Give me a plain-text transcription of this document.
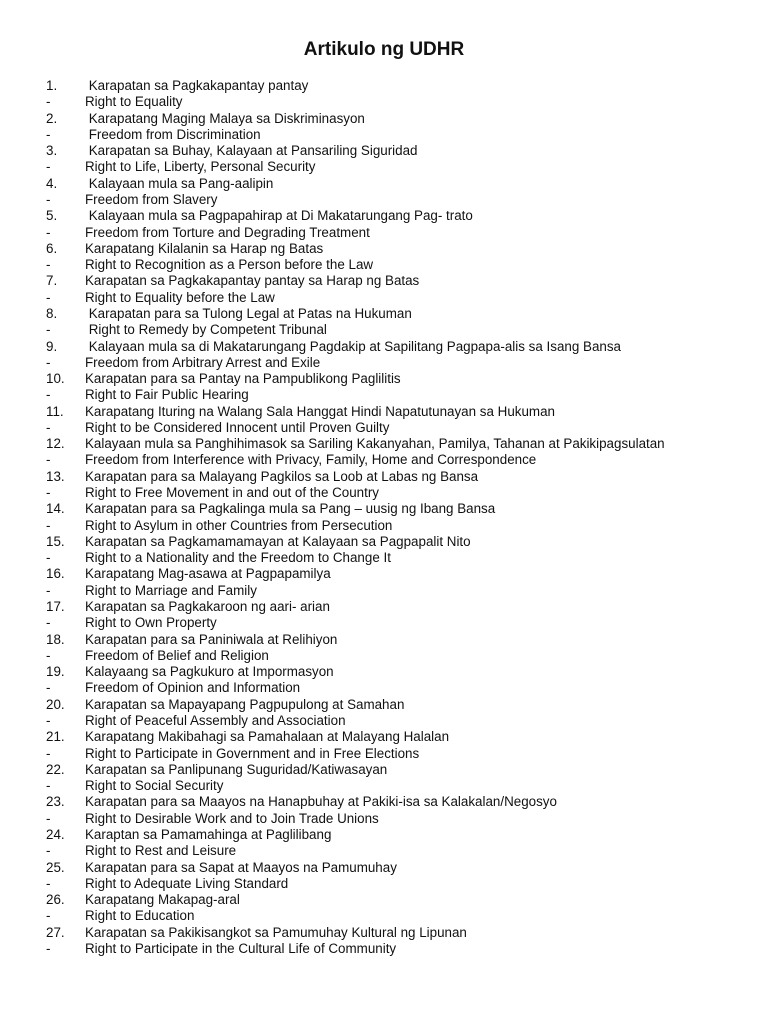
Artikulo ng UDHR
1.	Karapatan sa Pagkakapantay pantay
-	Right to Equality
2.	Karapatang Maging Malaya sa Diskriminasyon
-	Freedom from Discrimination
3.	Karapatan sa Buhay, Kalayaan at Pansariling Siguridad
-	Right to Life, Liberty, Personal Security
4.	Kalayaan mula sa Pang-aalipin
-	Freedom from Slavery
5.	Kalayaan mula sa Pagpapahirap at Di Makatarungang Pag- trato
-	Freedom from Torture and Degrading Treatment
6.	Karapatang Kilalanin sa Harap ng Batas
-	Right to Recognition as a Person before the Law
7.	Karapatan sa Pagkakapantay pantay sa Harap ng Batas
-	Right to Equality before the Law
8.	Karapatan para sa Tulong Legal at Patas na Hukuman
-	Right to Remedy by Competent Tribunal
9.	Kalayaan mula sa di Makatarungang Pagdakip at Sapilitang Pagpapa-alis sa Isang Bansa
-	Freedom from Arbitrary Arrest and Exile
10.	Karapatan para sa Pantay na Pampublikong Paglilitis
-	Right to Fair Public Hearing
11.	Karapatang Ituring na Walang Sala Hanggat Hindi Napatutunayan sa Hukuman
-	Right to be Considered Innocent until Proven Guilty
12.	Kalayaan mula sa Panghihimasok sa Sariling Kakanyahan, Pamilya, Tahanan at Pakikipagsulatan
-	Freedom from Interference with Privacy, Family, Home and Correspondence
13.	Karapatan para sa Malayang Pagkilos sa Loob at Labas ng Bansa
-	Right to Free Movement in and out of the Country
14.	Karapatan para sa Pagkalinga mula sa Pang – uusig ng Ibang Bansa
-	Right to Asylum in other Countries from Persecution
15.	Karapatan sa Pagkamamamayan at Kalayaan sa Pagpapalit Nito
-	Right to a Nationality and the Freedom to Change It
16.	Karapatang Mag-asawa at Pagpapamilya
-	Right to Marriage and Family
17.	Karapatan sa Pagkakaroon ng aari- arian
-	Right to Own Property
18.	Karapatan para sa Paniniwala at Relihiyon
-	Freedom of Belief and Religion
19.	Kalayaang sa Pagkukuro at Impormasyon
-	Freedom of Opinion and Information
20.	Karapatan sa Mapayapang Pagpupulong at Samahan
-	Right of Peaceful Assembly and Association
21.	Karapatang Makibahagi sa Pamahalaan at Malayang Halalan
-	Right to Participate in Government and in Free Elections
22.	Karapatan sa Panlipunang Suguridad/Katiwasayan
-	Right to Social Security
23.	Karapatan para sa Maayos na Hanapbuhay at Pakiki-isa sa Kalakalan/Negosyo
-	Right to Desirable Work and to Join Trade Unions
24.	Karaptan sa Pamamahinga at Paglilibang
-	Right to Rest and Leisure
25.	Karapatan para sa Sapat at Maayos na Pamumuhay
-	Right to Adequate Living Standard
26.	Karapatang Makapag-aral
-	Right to Education
27.	Karapatan sa Pakikisangkot sa Pamumuhay Kultural ng Lipunan
-	Right to Participate in the Cultural Life of Community
